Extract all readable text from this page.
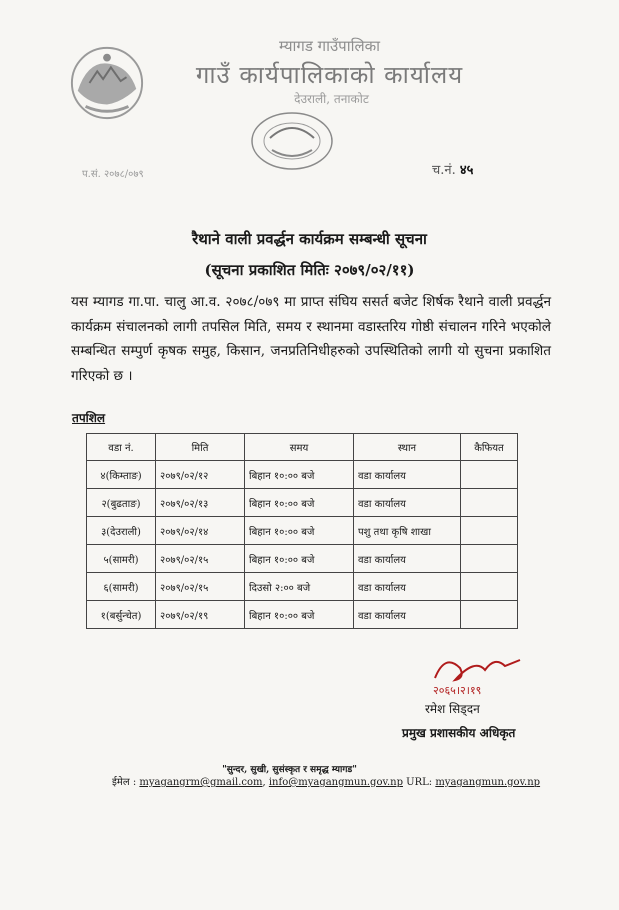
म्यागड गाउँपालिका
गाउँ कार्यपालिकाको कार्यालय
देउराली, तनाकोट
प.सं. २०७८/०७९	च.नं. ४५
रैथाने वाली प्रवर्द्धन कार्यक्रम सम्बन्धी सूचना
(सूचना प्रकाशित मितिः २०७९/०२/११)
यस म्यागड गा.पा. चालु आ.व. २०७८/०७९ मा प्राप्त संघिय ससर्त बजेट शिर्षक रैथाने वाली प्रवर्द्धन कार्यक्रम संचालनको लागी तपसिल मिति, समय र स्थानमा वडास्तरिय गोष्ठी संचालन गरिने भएकोले सम्बन्धित सम्पुर्ण कृषक समुह, किसान, जनप्रतिनिधीहरुको उपस्थितिको लागी यो सुचना प्रकाशित गरिएको छ ।
तपशिल
वडा नं.	मिति	समय	स्थान	कैफियत
४(किम्ताङ)	२०७९/०२/१२	बिहान १०:०० बजे	वडा कार्यालय	
२(बुढताङ)	२०७९/०२/१३	बिहान १०:०० बजे	वडा कार्यालय	
३(देउराली)	२०७९/०२/१४	बिहान १०:०० बजे	पशु तथा कृषि शाखा	
५(सामरी)	२०७९/०२/१५	बिहान १०:०० बजे	वडा कार्यालय	
६(सामरी)	२०७९/०२/१५	दिउसो २:०० बजे	वडा कार्यालय	
१(बर्सुन्चेत)	२०७९/०२/१९	बिहान १०:०० बजे	वडा कार्यालय	
२०६५।२।१९
रमेश सिड्दन
प्रमुख प्रशासकीय अधिकृत
"सुन्दर, सुखी, सुसंस्कृत र समृद्ध म्यागड"
ईमेल : myagangrm@gmail.com, info@myagangmun.gov.np URL: myagangmun.gov.np
